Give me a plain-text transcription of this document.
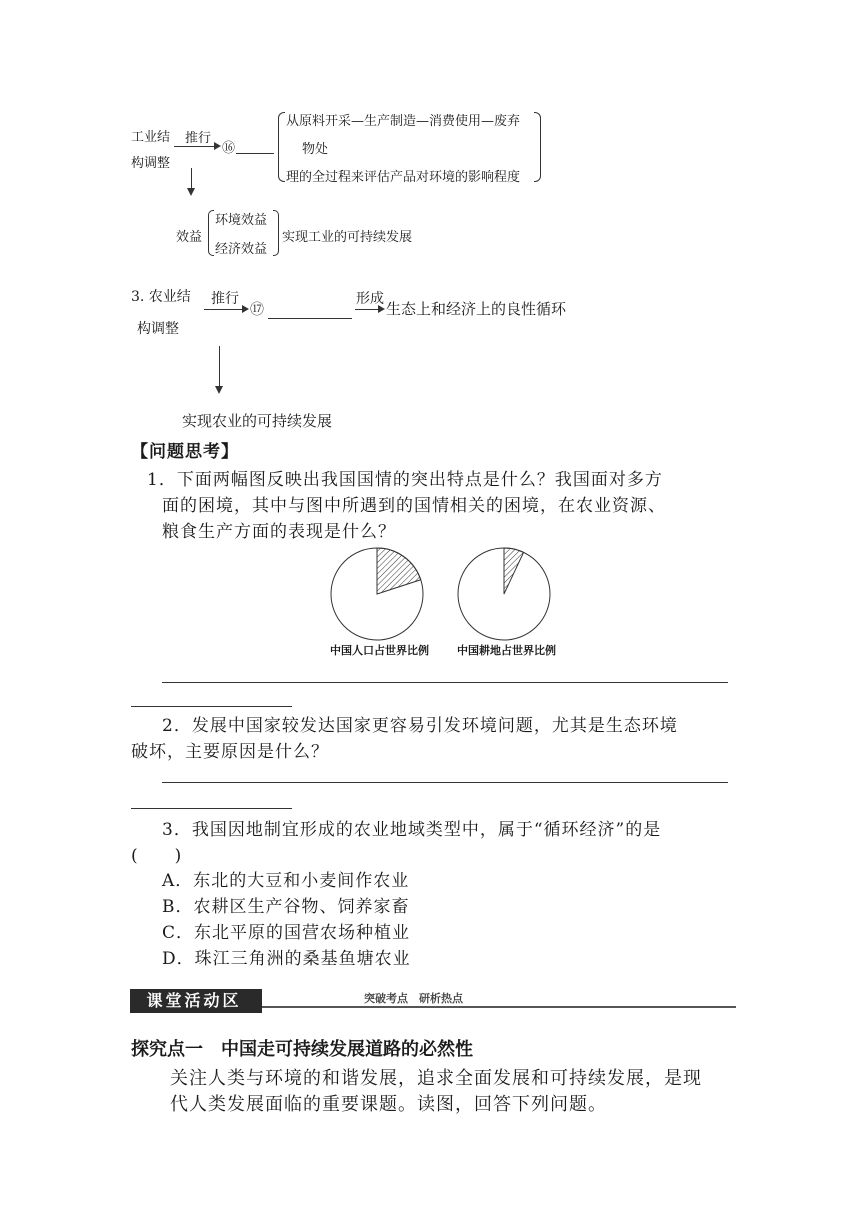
工业结
构调整
推行
⑯
从原料开采—生产制造—消费使用—废弃
物处
理的全过程来评估产品对环境的影响程度
效益
环境效益
经济效益
实现工业的可持续发展
3. 农业结
构调整
推行
⑰
形成
生态上和经济上的良性循环
实现农业的可持续发展
【问题思考】
1．下面两幅图反映出我国国情的突出特点是什么？我国面对多方
面的困境，其中与图中所遇到的国情相关的困境，在农业资源、
粮食生产方面的表现是什么？
中国人口占世界比例	中国耕地占世界比例
2．发展中国家较发达国家更容易引发环境问题，尤其是生态环境
破坏，主要原因是什么？
3．我国因地制宜形成的农业地域类型中，属于“循环经济”的是
(　　)
A．东北的大豆和小麦间作农业
B．农耕区生产谷物、饲养家畜
C．东北平原的国营农场种植业
D．珠江三角洲的桑基鱼塘农业
课堂活动区	突破考点　研析热点
探究点一　中国走可持续发展道路的必然性
关注人类与环境的和谐发展，追求全面发展和可持续发展，是现
代人类发展面临的重要课题。读图，回答下列问题。
